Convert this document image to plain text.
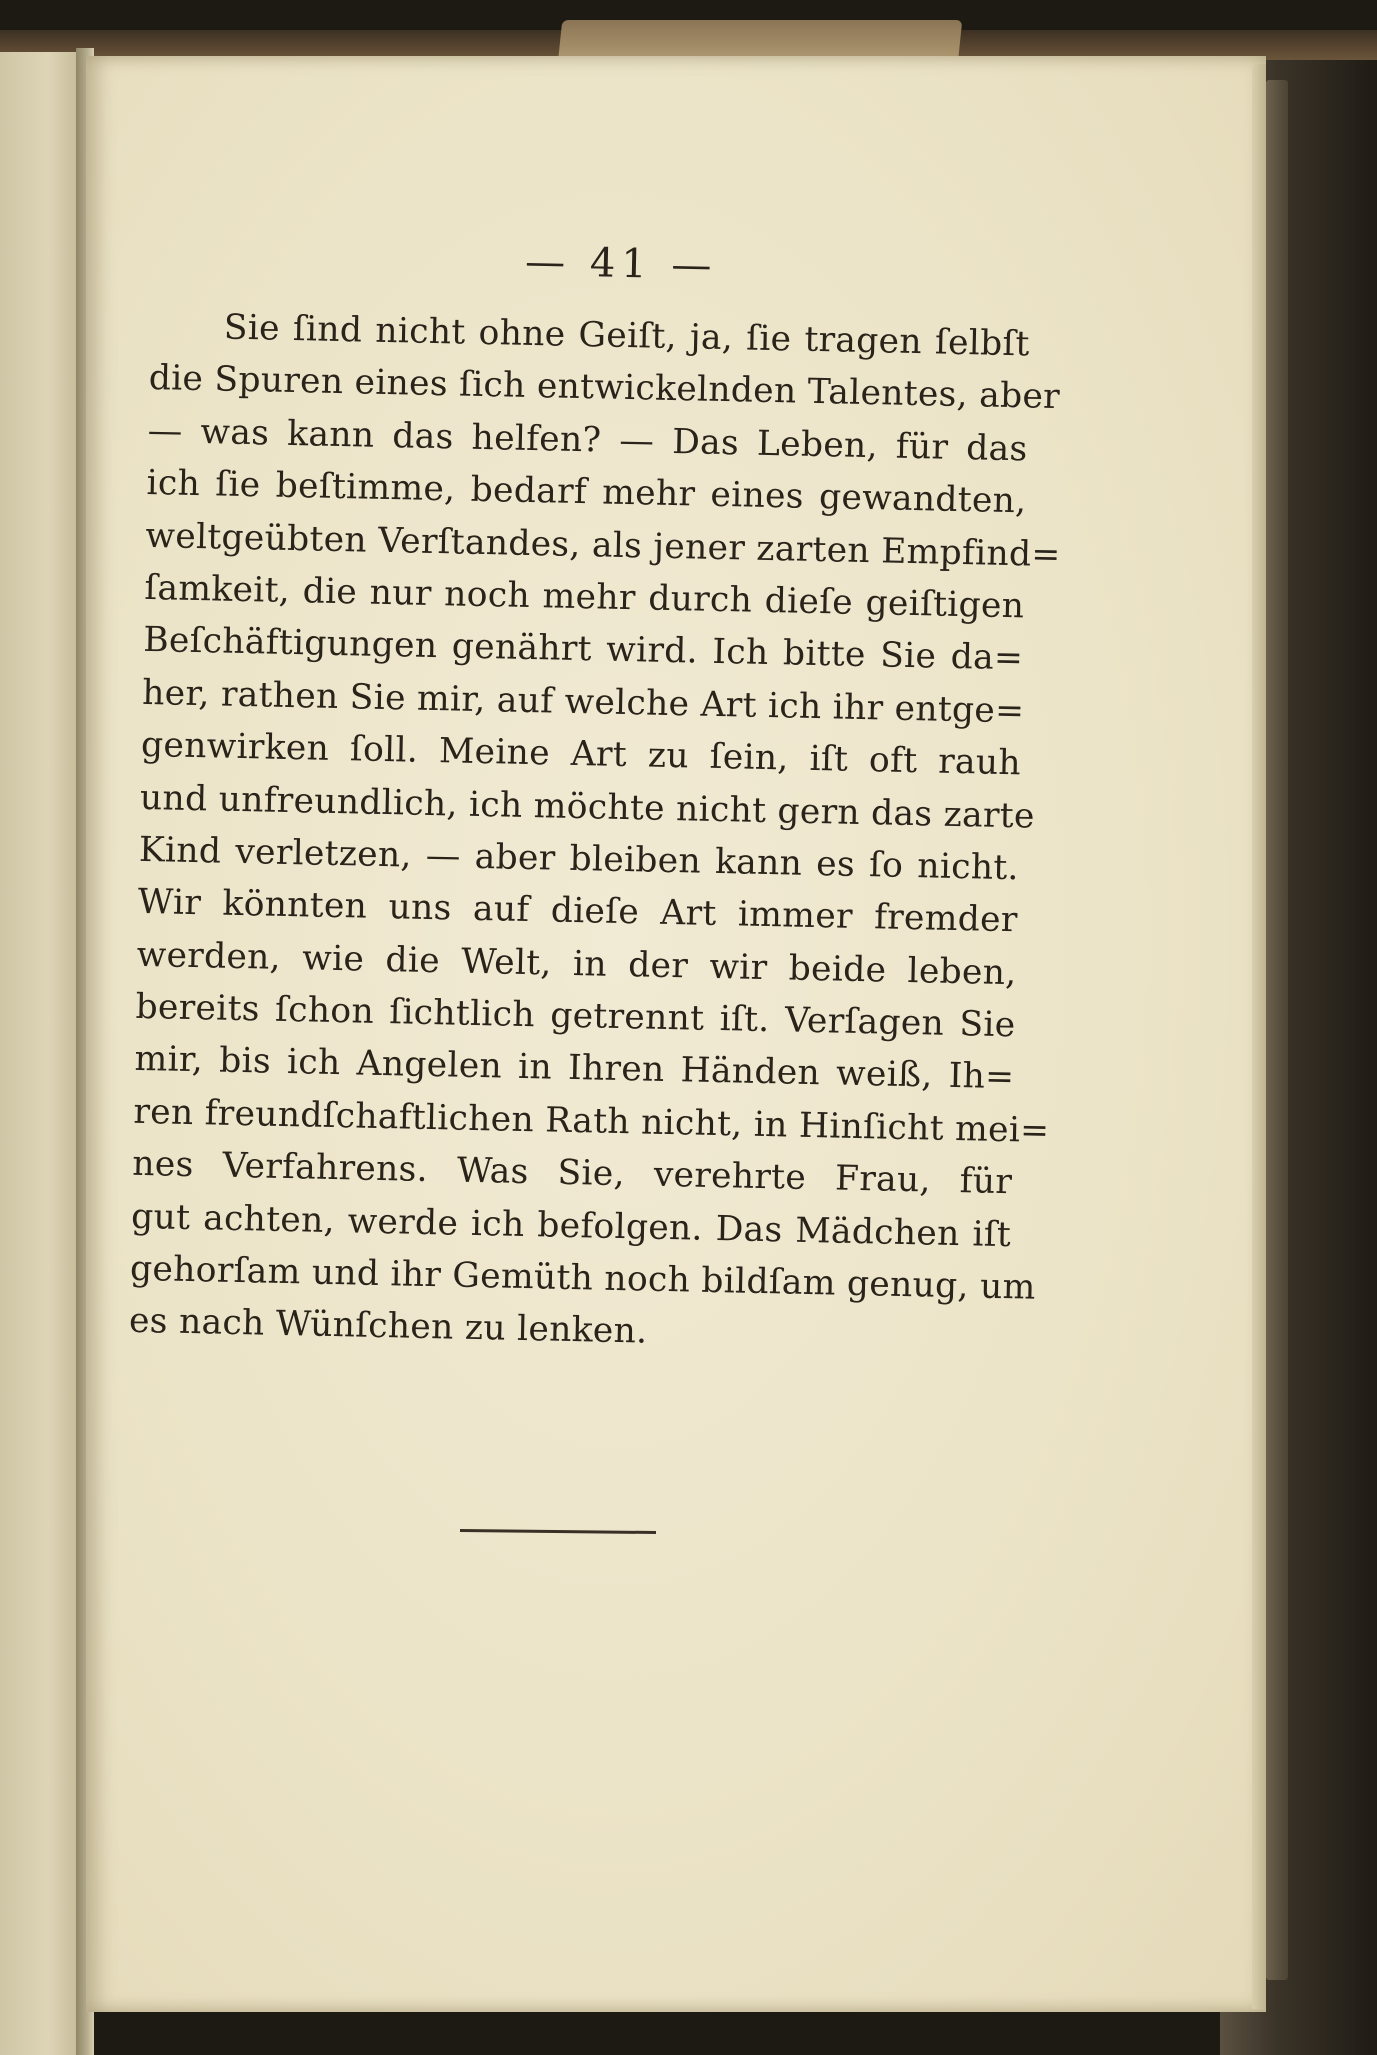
— 41 —
Sie ſind nicht ohne Geiſt, ja, ſie tragen ſelbſt
die Spuren eines ſich entwickelnden Talentes, aber
— was kann das helfen? — Das Leben, für das
ich ſie beſtimme, bedarf mehr eines gewandten,
weltgeübten Verſtandes, als jener zarten Empfind=
ſamkeit, die nur noch mehr durch dieſe geiſtigen
Beſchäftigungen genährt wird. Ich bitte Sie da=
her, rathen Sie mir, auf welche Art ich ihr entge=
genwirken ſoll. Meine Art zu ſein, iſt oft rauh
und unfreundlich, ich möchte nicht gern das zarte
Kind verletzen, — aber bleiben kann es ſo nicht.
Wir könnten uns auf dieſe Art immer fremder
werden, wie die Welt, in der wir beide leben,
bereits ſchon ſichtlich getrennt iſt. Verſagen Sie
mir, bis ich Angelen in Ihren Händen weiß, Ih=
ren freundſchaftlichen Rath nicht, in Hinſicht mei=
nes Verfahrens. Was Sie, verehrte Frau, für
gut achten, werde ich befolgen. Das Mädchen iſt
gehorſam und ihr Gemüth noch bildſam genug, um
es nach Wünſchen zu lenken.
